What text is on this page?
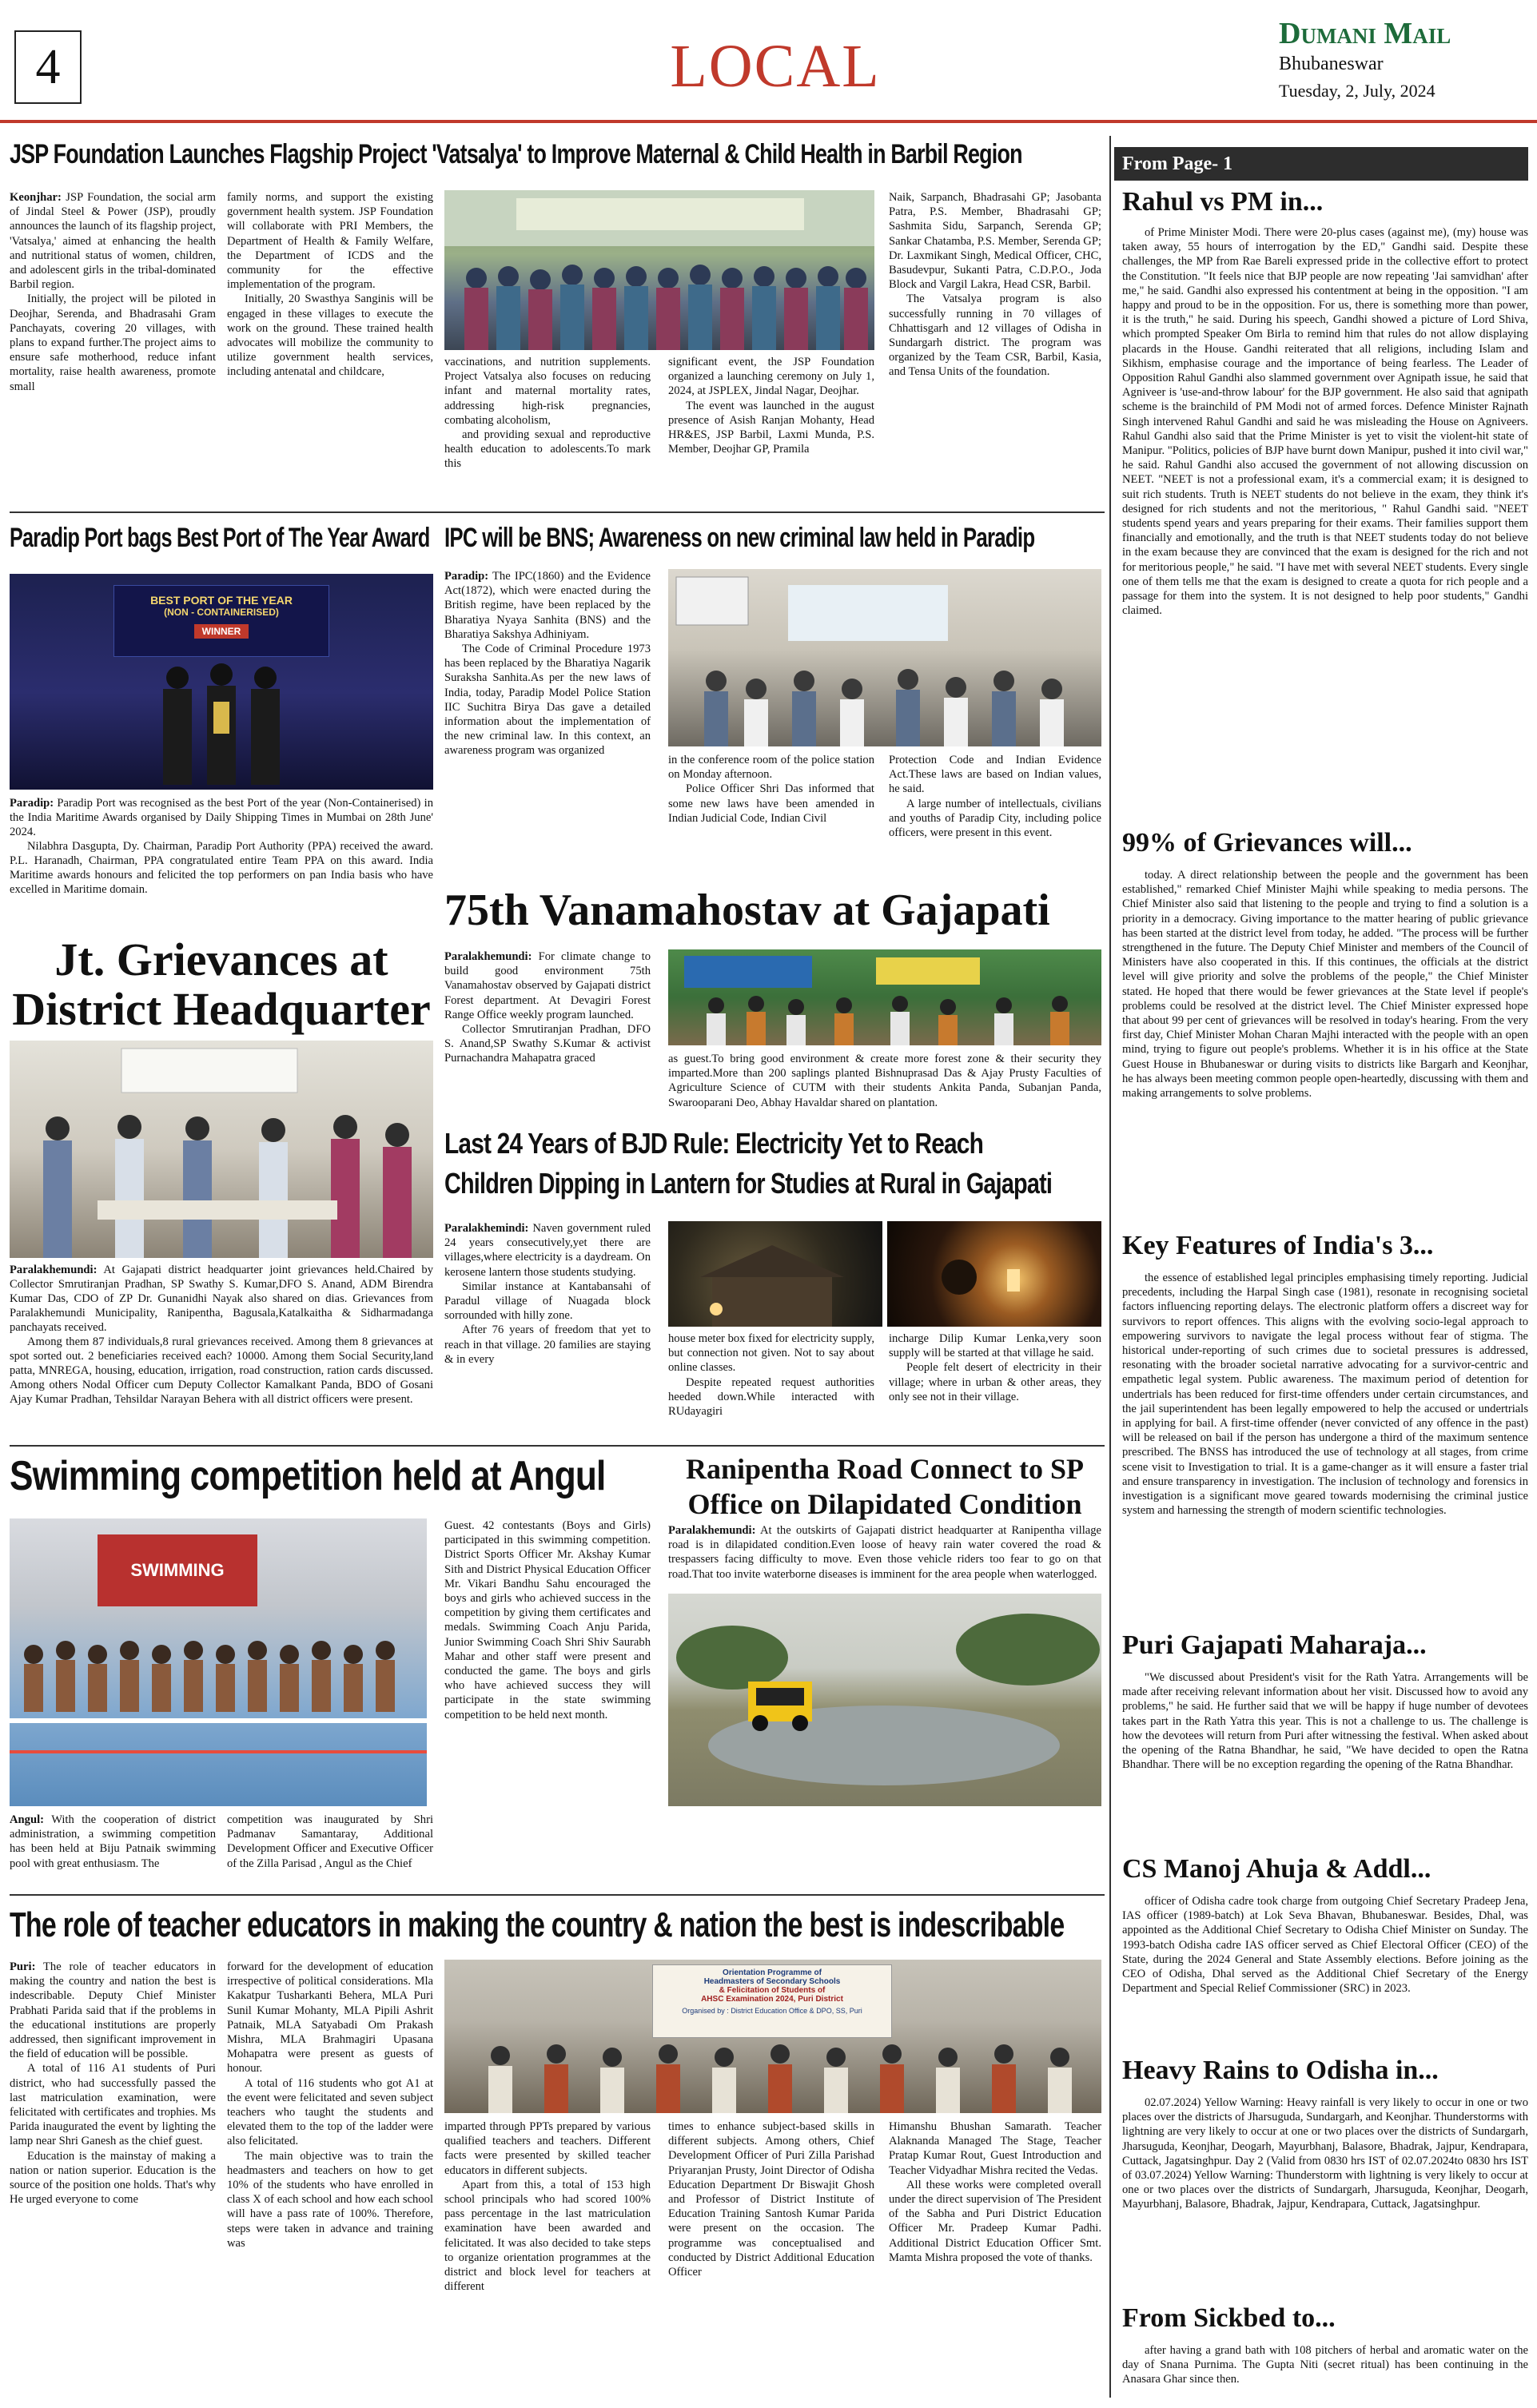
4	LOCAL	Dumani Mail
Bhubaneswar
Tuesday, 2, July, 2024
JSP Foundation Launches Flagship Project 'Vatsalya' to Improve Maternal & Child Health in Barbil Region

Keonjhar: JSP Foundation, the social arm of Jindal Steel & Power (JSP), proudly announces the launch of its flagship project, 'Vatsalya,' aimed at enhancing the health and nutritional status of women, children, and adolescent girls in the tribal-dominated Barbil region.

Initially, the project will be piloted in Deojhar, Serenda, and Bhadrasahi Gram Panchayats, covering 20 villages, with plans to expand further.The project aims to ensure safe motherhood, reduce infant mortality, raise health awareness, promote small

family norms, and support the existing government health system. JSP Foundation will collaborate with PRI Members, the Department of Health & Family Welfare, the Department of ICDS and the community for the effective implementation of the program.

Initially, 20 Swasthya Sanginis will be engaged in these villages to execute the work on the ground. These trained health advocates will mobilize the community to utilize government health services, including antenatal and childcare,

vaccinations, and nutrition supplements. Project Vatsalya also focuses on reducing infant and maternal mortality rates, addressing high-risk pregnancies, combating alcoholism,

and providing sexual and reproductive health education to adolescents.To mark this

significant event, the JSP Foundation organized a launching ceremony on July 1, 2024, at JSPLEX, Jindal Nagar, Deojhar.

The event was launched in the august presence of Asish Ranjan Mohanty, Head HR&ES, JSP Barbil, Laxmi Munda, P.S. Member, Deojhar GP, Pramila

Naik, Sarpanch, Bhadrasahi GP; Jasobanta Patra, P.S. Member, Bhadrasahi GP; Sashmita Sidu, Sarpanch, Serenda GP; Sankar Chatamba, P.S. Member, Serenda GP; Dr. Laxmikant Singh, Medical Officer, CHC, Basudevpur, Sukanti Patra, C.D.P.O., Joda Block and Vargil Lakra, Head CSR, Barbil.

The Vatsalya program is also successfully running in 70 villages of Chhattisgarh and 12 villages of Odisha in Sundargarh district. The program was organized by the Team CSR, Barbil, Kasia, and Tensa Units of the foundation.

Paradip Port bags Best Port of The Year Award
BEST PORT OF THE YEAR
(NON - CONTAINERISED)
WINNER

Paradip: Paradip Port was recognised as the best Port of the year (Non-Containerised) in the India Maritime Awards organised by Daily Shipping Times in Mumbai on 28th June' 2024.

Nilabhra Dasgupta, Dy. Chairman, Paradip Port Authority (PPA) received the award. P.L. Haranadh, Chairman, PPA congratulated entire Team PPA on this award. India Maritime awards honours and felicited the top performers on pan India basis who have excelled in Maritime domain.

IPC will be BNS; Awareness on new criminal law held in Paradip

Paradip: The IPC(1860) and the Evidence Act(1872), which were enacted during the British regime, have been replaced by the Bharatiya Nyaya Sanhita (BNS) and the Bharatiya Sakshya Adhiniyam.

The Code of Criminal Procedure 1973 has been replaced by the Bharatiya Nagarik Suraksha Sanhita.As per the new laws of India, today, Paradip Model Police Station IIC Suchitra Birya Das gave a detailed information about the implementation of the new criminal law. In this context, an awareness program was organized

in the conference room of the police station on Monday afternoon.

Police Officer Shri Das informed that some new laws have been amended in Indian Judicial Code, Indian Civil

Protection Code and Indian Evidence Act.These laws are based on Indian values, he said.

A large number of intellectuals, civilians and youths of Paradip City, including police officers, were present in this event.

Jt. Grievances at
District Headquarter

Paralakhemundi: At Gajapati district headquarter joint grievances held.Chaired by Collector Smrutiranjan Pradhan, SP Swathy S. Kumar,DFO S. Anand, ADM Birendra Kumar Das, CDO of ZP Dr. Gunanidhi Nayak also shared on dias. Grievances from Paralakhemundi Municipality, Ranipentha, Bagusala,Katalkaitha & Sidharmadanga panchayats received.

Among them 87 individuals,8 rural grievances received. Among them 8 grievances at spot sorted out. 2 beneficiaries received each? 10000. Among them Social Security,land patta, MNREGA, housing, education, irrigation, road construction, ration cards discussed. Among others Nodal Officer cum Deputy Collector Kamalkant Panda, BDO of Gosani Ajay Kumar Pradhan, Tehsildar Narayan Behera with all district officers were present.

75th Vanamahostav at Gajapati

Paralakhemundi: For climate change to build good environment 75th Vanamahostav observed by Gajapati district Forest department. At Devagiri Forest Range Office weekly program launched.

Collector Smrutiranjan Pradhan, DFO S. Anand,SP Swathy S.Kumar & activist Purnachandra Mahapatra graced	as guest.To bring good environment & create more forest zone & their security they imparted.More than 200 saplings planted Bishnuprasad Das & Ajay Prusty Faculties of Agriculture Science of CUTM with their students Ankita Panda, Subanjan Panda, Swarooparani Deo, Abhay Havaldar shared on plantation.

Last 24 Years of BJD Rule: Electricity Yet to Reach
Children Dipping in Lantern for Studies at Rural in Gajapati

Paralakhemindi: Naven government ruled 24 years consecutively,yet there are villages,where electricity is a daydream. On kerosene lantern those students studying.

Similar instance at Kantabansahi of Paradul village of Nuagada block sorrounded with hilly zone.

After 76 years of freedom that yet to reach in that village. 20 families are staying & in every

house meter box fixed for electricity supply, but connection not given. Not to say about online classes.

Despite repeated request authorities heeded down.While interacted with RUdayagiri

incharge Dilip Kumar Lenka,very soon supply will be started at that village he said.

People felt desert of electricity in their village; where in urban & other areas, they only see not in their village.

Swimming competition held at Angul
SWIMMING

Angul: With the cooperation of district administration, a swimming competition has been held at Biju Patnaik swimming pool with great enthusiasm. The

competition was inaugurated by Shri Padmanav Samantaray, Additional Development Officer and Executive Officer of the Zilla Parisad , Angul as the Chief

Guest. 42 contestants (Boys and Girls) participated in this swimming competition. District Sports Officer Mr. Akshay Kumar Sith and District Physical Education Officer Mr. Vikari Bandhu Sahu encouraged the boys and girls who achieved success in the competition by giving them certificates and medals. Swimming Coach Anju Parida, Junior Swimming Coach Shri Shiv Saurabh Mahar and other staff were present and conducted the game. The boys and girls who have achieved success they will participate in the state swimming competition to be held next month.

Ranipentha Road Connect to SP
Office on Dilapidated Condition

Paralakhemundi: At the outskirts of Gajapati district headquarter at Ranipentha village road is in dilapidated condition.Even loose of heavy rain water covered the road & trespassers facing difficulty to move. Even those vehicle riders too fear to go on that road.That too invite waterborne diseases is imminent for the area people when waterlogged.

The role of teacher educators in making the country & nation the best is indescribable

Puri: The role of teacher educators in making the country and nation the best is indescribable. Deputy Chief Minister Prabhati Parida said that if the problems in the educational institutions are properly addressed, then significant improvement in the field of education will be possible.

A total of 116 A1 students of Puri district, who had successfully passed the last matriculation examination, were felicitated with certificates and trophies. Ms Parida inaugurated the event by lighting the lamp near Shri Ganesh as the chief guest.

Education is the mainstay of making a nation or nation superior. Education is the source of the position one holds. That's why He urged everyone to come

forward for the development of education irrespective of political considerations. Mla Kakatpur Tusharkanti Behera, MLA Puri Sunil Kumar Mohanty, MLA Pipili Ashrit Patnaik, MLA Satyabadi Om Prakash Mishra, MLA Brahmagiri Upasana Mohapatra were present as guests of honour.

A total of 116 students who got A1 at the event were felicitated and seven subject teachers who taught the students and elevated them to the top of the ladder were also felicitated.

The main objective was to train the headmasters and teachers on how to get 10% of the students who have enrolled in class X of each school and how each school will have a pass rate of 100%. Therefore, steps were taken in advance and training was

Orientation Programme of
Headmasters of Secondary Schools
& Felicitation of Students of
AHSC Examination 2024, Puri District
Organised by : District Education Office & DPO, SS, Puri

imparted through PPTs prepared by various qualified teachers and teachers. Different facts were presented by skilled teacher educators in different subjects.

Apart from this, a total of 153 high school principals who had scored 100% pass percentage in the last matriculation examination have been awarded and felicitated. It was also decided to take steps to organize orientation programmes at the district and block level for teachers at different

times to enhance subject-based skills in different subjects. Among others, Chief Development Officer of Puri Zilla Parishad Priyaranjan Prusty, Joint Director of Odisha Education Department Dr Biswajit Ghosh and Professor of District Institute of Education Training Santosh Kumar Parida were present on the occasion. The programme was conceptualised and conducted by District Additional Education Officer

Himanshu Bhushan Samarath. Teacher Alaknanda Managed The Stage, Teacher Pratap Kumar Rout, Guest Introduction and Teacher Vidyadhar Mishra recited the Vedas.

All these works were completed overall under the direct supervision of The President of the Sabha and Puri District Education Officer Mr. Pradeep Kumar Padhi. Additional District Education Officer Smt. Mamta Mishra proposed the vote of thanks.

From Page- 1
Rahul vs PM in...
of Prime Minister Modi. There were 20-plus cases (against me), (my) house was taken away, 55 hours of interrogation by the ED," Gandhi said. Despite these challenges, the MP from Rae Bareli expressed pride in the collective effort to protect the Constitution. "It feels nice that BJP people are now repeating 'Jai samvidhan' after me," he said. Gandhi also expressed his contentment at being in the opposition. "I am happy and proud to be in the opposition. For us, there is something more than power, it is the truth," he said. During his speech, Gandhi showed a picture of Lord Shiva, which prompted Speaker Om Birla to remind him that rules do not allow displaying placards in the House. Gandhi reiterated that all religions, including Islam and Sikhism, emphasise courage and the importance of being fearless. The Leader of Opposition Rahul Gandhi also slammed government over Agnipath issue, he said that Agniveer is 'use-and-throw labour' for the BJP government. He also said that agnipath scheme is the brainchild of PM Modi not of armed forces. Defence Minister Rajnath Singh intervened Rahul Gandhi and said he was misleading the House on Agniveers. Rahul Gandhi also said that the Prime Minister is yet to visit the violent-hit state of Manipur. "Politics, policies of BJP have burnt down Manipur, pushed it into civil war," he said. Rahul Gandhi also accused the government of not allowing discussion on NEET. "NEET is not a professional exam, it's a commercial exam; it is designed to suit rich students. Truth is NEET students do not believe in the exam, they think it's designed for rich students and not the meritorious, " Rahul Gandhi said. "NEET students spend years and years preparing for their exams. Their families support them financially and emotionally, and the truth is that NEET students today do not believe in the exam because they are convinced that the exam is designed for the rich and not for meritorious people," he said. "I have met with several NEET students. Every single one of them tells me that the exam is designed to create a quota for rich people and a passage for them into the system. It is not designed to help poor students," Gandhi claimed.
99% of Grievances will...
today. A direct relationship between the people and the government has been established," remarked Chief Minister Majhi while speaking to media persons. The Chief Minister also said that listening to the people and trying to find a solution is a priority in a democracy. Giving importance to the matter hearing of public grievance has been started at the district level from today, he added. "The process will be further strengthened in the future. The Deputy Chief Minister and members of the Council of Ministers have also cooperated in this. If this continues, the officials at the district level will give priority and solve the problems of the people," the Chief Minister stated. He hoped that there would be fewer grievances at the State level if people's problems could be resolved at the district level. The Chief Minister expressed hope that about 99 per cent of grievances will be resolved in today's hearing. From the very first day, Chief Minister Mohan Charan Majhi interacted with the people with an open mind, trying to figure out people's problems. Whether it is in his office at the State Guest House in Bhubaneswar or during visits to districts like Bargarh and Keonjhar, he has always been meeting common people open-heartedly, discussing with them and making arrangements to solve problems.
Key Features of India's 3...
the essence of established legal principles emphasising timely reporting. Judicial precedents, including the Harpal Singh case (1981), resonate in recognising societal factors influencing reporting delays. The electronic platform offers a discreet way for survivors to report offences. This aligns with the evolving socio-legal approach to empowering survivors to navigate the legal process without fear of stigma. The historical under-reporting of such crimes due to societal pressures is addressed, resonating with the broader societal narrative advocating for a survivor-centric and empathetic legal system. Public awareness. The maximum period of detention for undertrials has been reduced for first-time offenders under certain circumstances, and the jail superintendent has been legally empowered to help the accused or undertrials in applying for bail. A first-time offender (never convicted of any offence in the past) will be released on bail if the person has undergone a third of the maximum sentence prescribed. The BNSS has introduced the use of technology at all stages, from crime scene visit to Investigation to trial. It is a game-changer as it will ensure a faster trial and ensure transparency in investigation. The inclusion of technology and forensics in investigation is a significant move geared towards modernising the criminal justice system and harnessing the strength of modern scientific technologies.
Puri Gajapati Maharaja...
"We discussed about President's visit for the Rath Yatra. Arrangements will be made after receiving relevant information about her visit. Discussed how to avoid any problems," he said. He further said that we will be happy if huge number of devotees takes part in the Rath Yatra this year. This is not a challenge to us. The challenge is how the devotees will return from Puri after witnessing the festival. When asked about the opening of the Ratna Bhandhar, he said, "We have decided to open the Ratna Bhandhar. There will be no exception regarding the opening of the Ratna Bhandhar.
CS Manoj Ahuja & Addl...
officer of Odisha cadre took charge from outgoing Chief Secretary Pradeep Jena, IAS officer (1989-batch) at Lok Seva Bhavan, Bhubaneswar. Besides, Dhal, was appointed as the Additional Chief Secretary to Odisha Chief Minister on Sunday. The 1993-batch Odisha cadre IAS officer served as Chief Electoral Officer (CEO) of the State, during the 2024 General and State Assembly elections. Before joining as the CEO of Odisha, Dhal served as the Additional Chief Secretary of the Energy Department and Special Relief Commissioner (SRC) in 2023.
Heavy Rains to Odisha in...
02.07.2024) Yellow Warning: Heavy rainfall is very likely to occur in one or two places over the districts of Jharsuguda, Sundargarh, and Keonjhar. Thunderstorms with lightning are very likely to occur at one or two places over the districts of Sundargarh, Jharsuguda, Keonjhar, Deogarh, Mayurbhanj, Balasore, Bhadrak, Jajpur, Kendrapara, Cuttack, Jagatsinghpur. Day 2 (Valid from 0830 hrs IST of 02.07.2024to 0830 hrs IST of 03.07.2024) Yellow Warning: Thunderstorm with lightning is very likely to occur at one or two places over the districts of Sundargarh, Jharsuguda, Keonjhar, Deogarh, Mayurbhanj, Balasore, Bhadrak, Jajpur, Kendrapara, Cuttack, Jagatsinghpur.
From Sickbed to...
after having a grand bath with 108 pitchers of herbal and aromatic water on the day of Snana Purnima. The Gupta Niti (secret ritual) has been continuing in the Anasara Ghar since then.
